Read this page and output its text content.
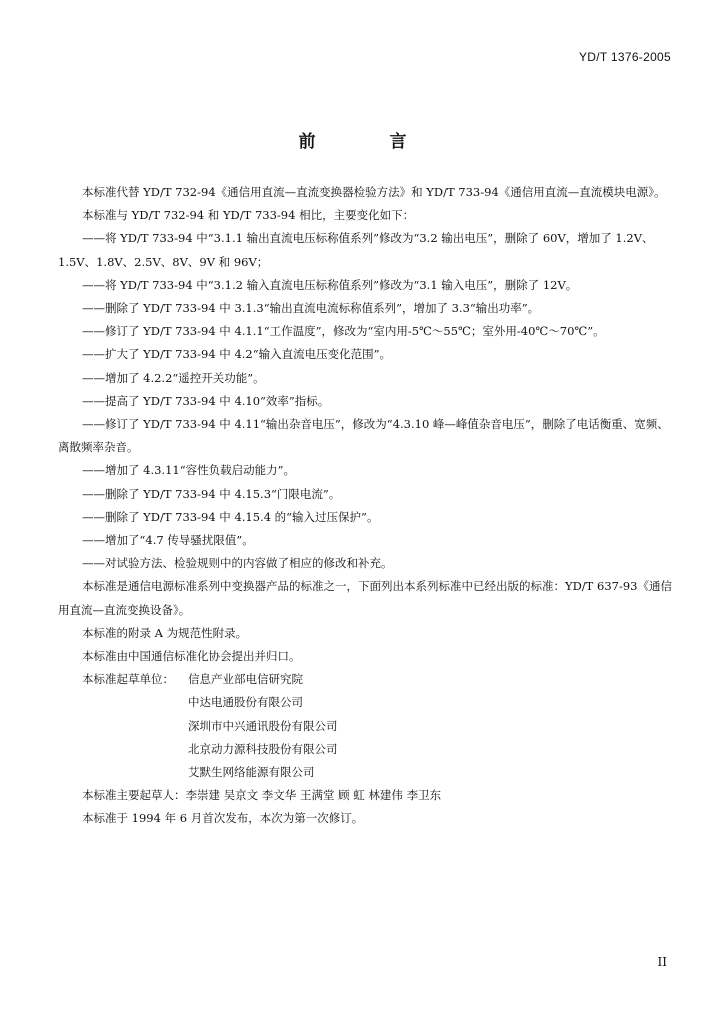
YD/T 1376-2005
前 言

本标准代替 YD/T 732-94《通信用直流—直流变换器检验方法》和 YD/T 733-94《通信用直流—直流模块电源》。

本标准与 YD/T 732-94 和 YD/T 733-94 相比，主要变化如下：

——将 YD/T 733-94 中“3.1.1 输出直流电压标称值系列”修改为“3.2 输出电压”，删除了 60V，增加了 1.2V、1.5V、1.8V、2.5V、8V、9V 和 96V；

——将 YD/T 733-94 中“3.1.2 输入直流电压标称值系列”修改为“3.1 输入电压”，删除了 12V。

——删除了 YD/T 733-94 中 3.1.3“输出直流电流标称值系列”，增加了 3.3“输出功率”。

——修订了 YD/T 733-94 中 4.1.1“工作温度”，修改为“室内用-5℃～55℃；室外用-40℃～70℃”。

——扩大了 YD/T 733-94 中 4.2“输入直流电压变化范围”。

——增加了 4.2.2“遥控开关功能”。

——提高了 YD/T 733-94 中 4.10“效率”指标。

——修订了 YD/T 733-94 中 4.11“输出杂音电压”，修改为“4.3.10 峰—峰值杂音电压”，删除了电话衡重、宽频、离散频率杂音。

——增加了 4.3.11“容性负载启动能力”。

——删除了 YD/T 733-94 中 4.15.3“门限电流”。

——删除了 YD/T 733-94 中 4.15.4 的“输入过压保护”。

——增加了“4.7 传导骚扰限值”。

——对试验方法、检验规则中的内容做了相应的修改和补充。

本标准是通信电源标准系列中变换器产品的标准之一，下面列出本系列标准中已经出版的标准：YD/T 637-93《通信用直流—直流变换设备》。

本标准的附录 A 为规范性附录。

本标准由中国通信标准化协会提出并归口。

本标准起草单位：	信息产业部电信研究院
中达电通股份有限公司
深圳市中兴通讯股份有限公司
北京动力源科技股份有限公司
艾默生网络能源有限公司

本标准主要起草人：李崇建 吴京文 李文华 王满堂 顾 虹 林建伟 李卫东

本标准于 1994 年 6 月首次发布，本次为第一次修订。

II
